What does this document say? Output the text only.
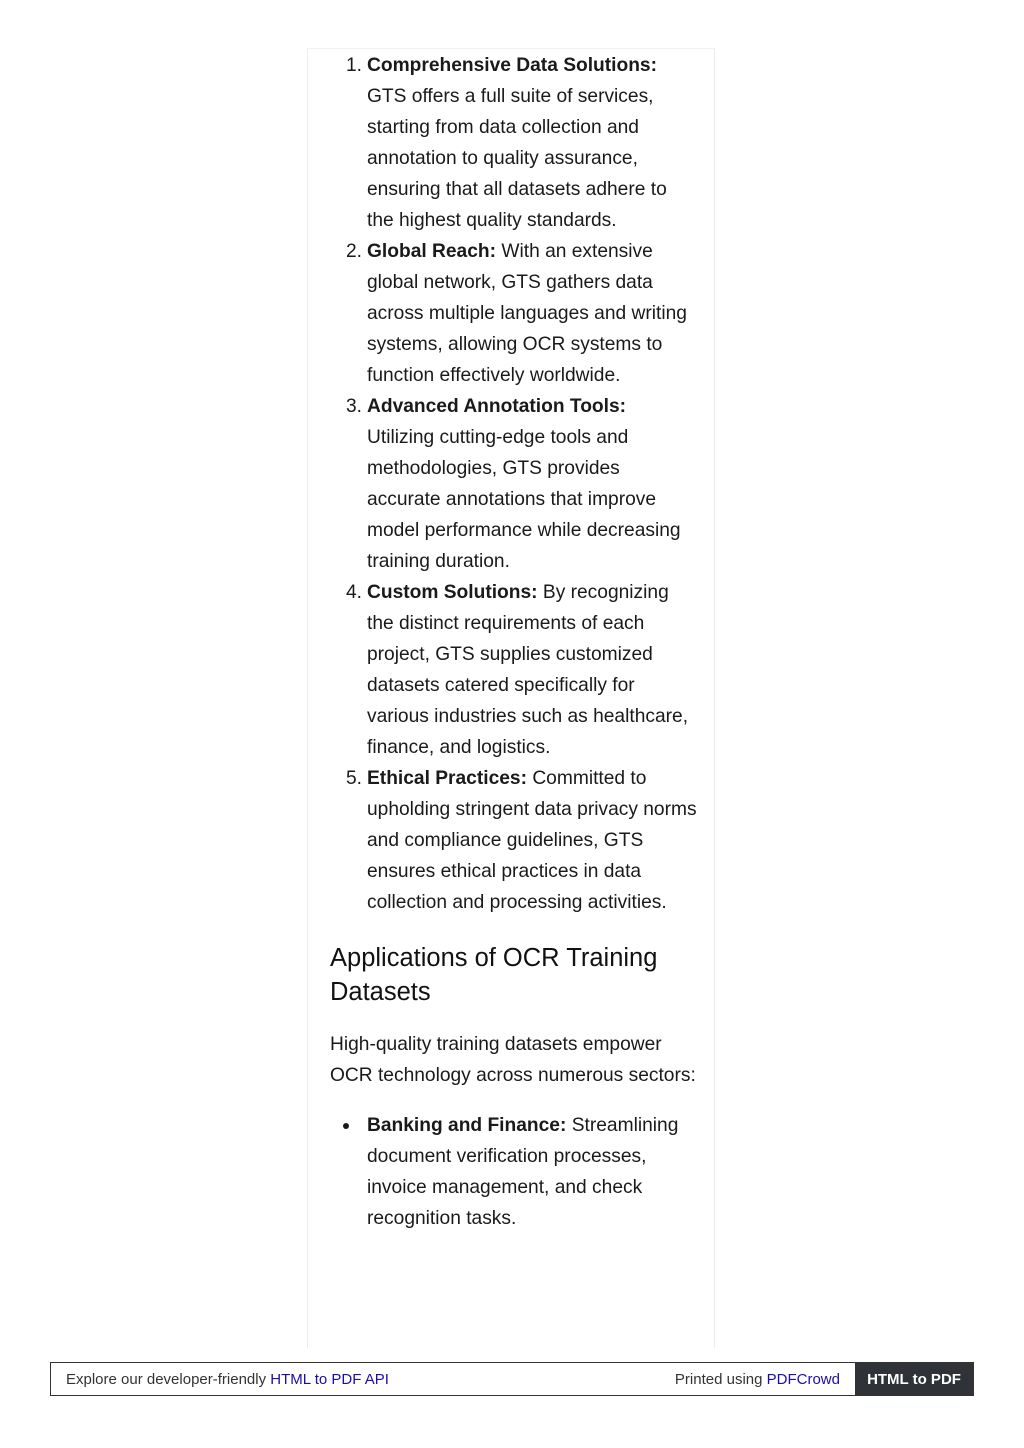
1. Comprehensive Data Solutions: GTS offers a full suite of services, starting from data collection and annotation to quality assurance, ensuring that all datasets adhere to the highest quality standards.
2. Global Reach: With an extensive global network, GTS gathers data across multiple languages and writing systems, allowing OCR systems to function effectively worldwide.
3. Advanced Annotation Tools: Utilizing cutting-edge tools and methodologies, GTS provides accurate annotations that improve model performance while decreasing training duration.
4. Custom Solutions: By recognizing the distinct requirements of each project, GTS supplies customized datasets catered specifically for various industries such as healthcare, finance, and logistics.
5. Ethical Practices: Committed to upholding stringent data privacy norms and compliance guidelines, GTS ensures ethical practices in data collection and processing activities.
Applications of OCR Training Datasets

High-quality training datasets empower OCR technology across numerous sectors:

Banking and Finance: Streamlining document verification processes, invoice management, and check recognition tasks.
Explore our developer-friendly HTML to PDF API	Printed using PDFCrowd	HTML to PDF
